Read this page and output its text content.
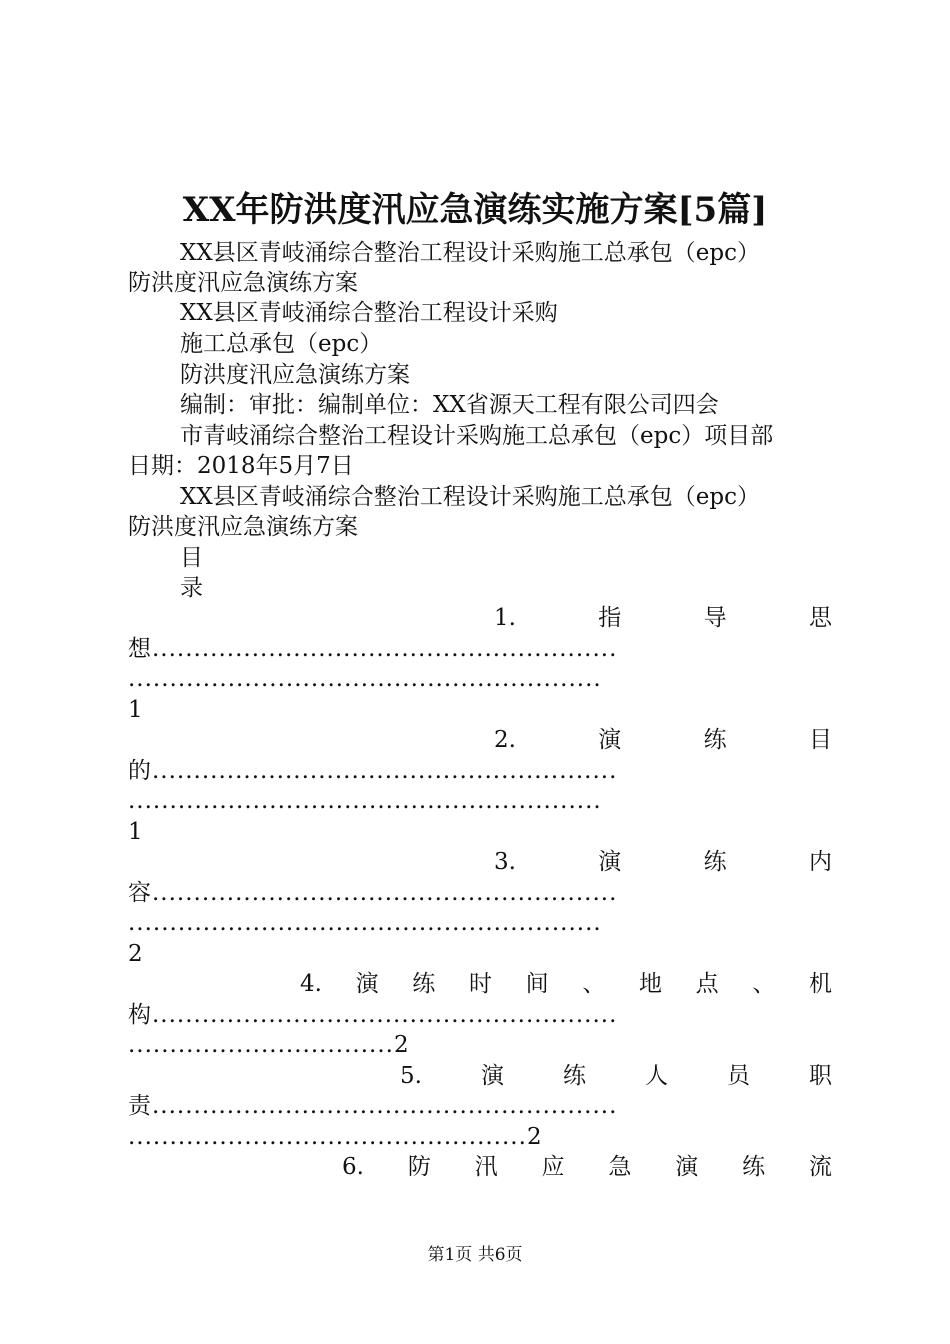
XX年防洪度汛应急演练实施方案[5篇]
XX县区青岐涌综合整治工程设计采购施工总承包（epc）
防洪度汛应急演练方案
XX县区青岐涌综合整治工程设计采购
施工总承包（epc）
防洪度汛应急演练方案
编制：审批：编制单位：XX省源天工程有限公司四会
市青岐涌综合整治工程设计采购施工总承包（epc）项目部
日期：2018年5月7日
XX县区青岐涌综合整治工程设计采购施工总承包（epc）
防洪度汛应急演练方案
目
录
1.	指	导	思
想........................................................
.........................................................
1
2.	演	练	目
的........................................................
.........................................................
1
3.	演	练	内
容........................................................
.........................................................
2
4. 演 练 时 间 、 地 点 、 机
构........................................................
................................2
5.	演	练	人	员	职
责........................................................
................................................2
6. 防 汛 应 急 演 练 流
第1页 共6页
